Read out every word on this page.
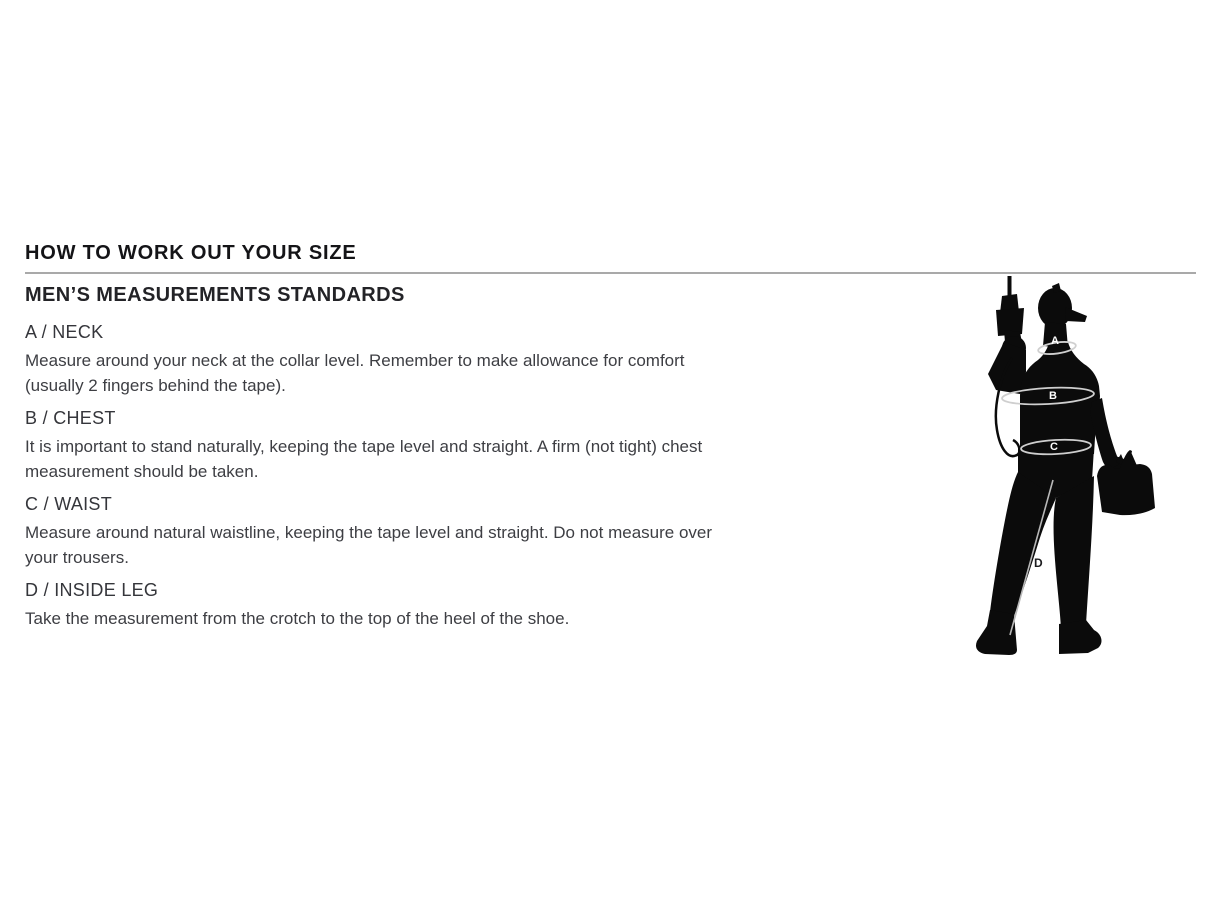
HOW TO WORK OUT YOUR SIZE
MEN’S MEASUREMENTS STANDARDS
A / NECK
Measure around your neck at the collar level. Remember to make allowance for comfort
(usually 2 fingers behind the tape).
B / CHEST
It is important to stand naturally, keeping the tape level and straight. A firm (not tight) chest
measurement should be taken.
C / WAIST
Measure around natural waistline, keeping the tape level and straight. Do not measure over
your trousers.
D / INSIDE LEG
Take the measurement from the crotch to the top of the heel of the shoe.
A
B
C
D
